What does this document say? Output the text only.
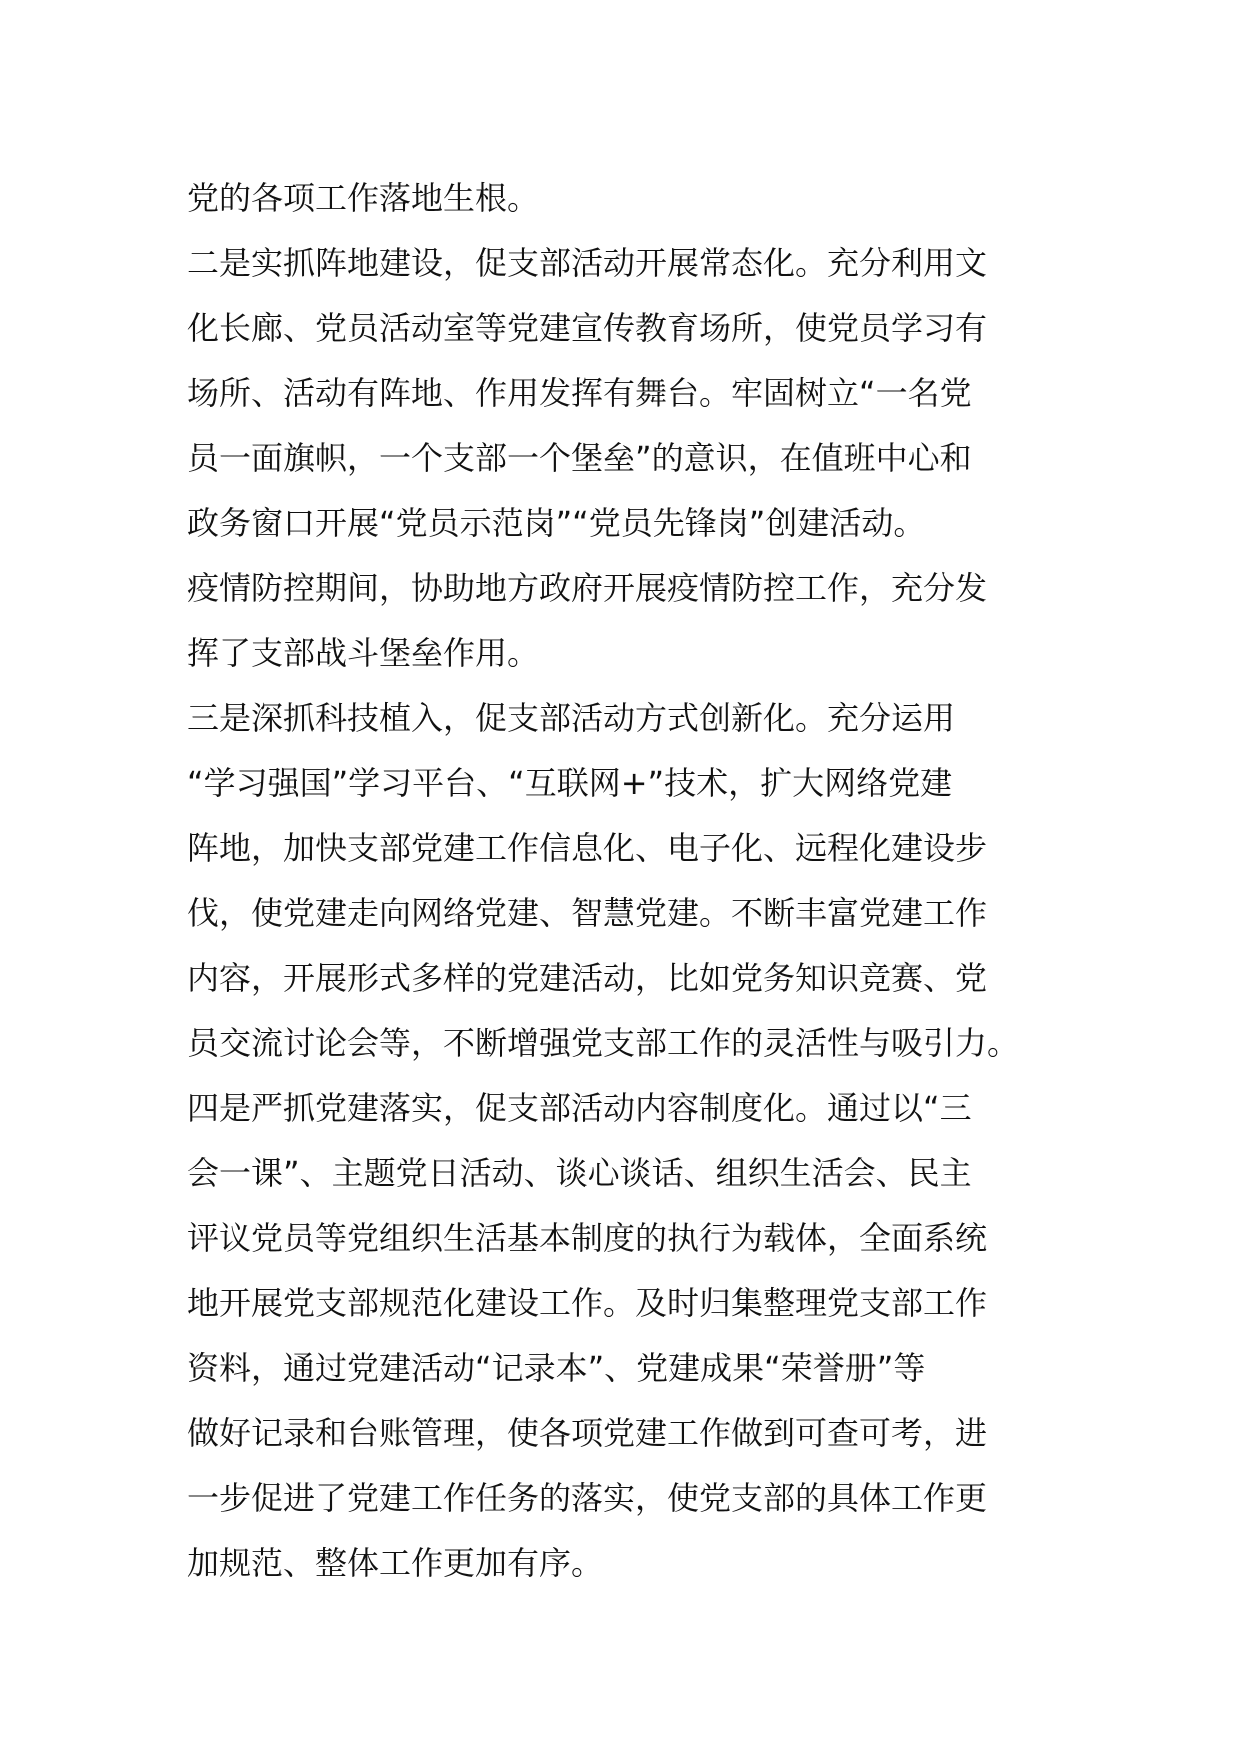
党的各项工作落地生根。
二是实抓阵地建设，促支部活动开展常态化。充分利用文
化长廊、党员活动室等党建宣传教育场所，使党员学习有
场所、活动有阵地、作用发挥有舞台。牢固树立“一名党
员一面旗帜，一个支部一个堡垒”的意识，在值班中心和
政务窗口开展“党员示范岗”“党员先锋岗”创建活动。
疫情防控期间，协助地方政府开展疫情防控工作，充分发
挥了支部战斗堡垒作用。
三是深抓科技植入，促支部活动方式创新化。充分运用
“学习强国”学习平台、“互联网+”技术，扩大网络党建
阵地，加快支部党建工作信息化、电子化、远程化建设步
伐，使党建走向网络党建、智慧党建。不断丰富党建工作
内容，开展形式多样的党建活动，比如党务知识竞赛、党
员交流讨论会等，不断增强党支部工作的灵活性与吸引力。
四是严抓党建落实，促支部活动内容制度化。通过以“三
会一课”、主题党日活动、谈心谈话、组织生活会、民主
评议党员等党组织生活基本制度的执行为载体，全面系统
地开展党支部规范化建设工作。及时归集整理党支部工作
资料，通过党建活动“记录本”、党建成果“荣誉册”等
做好记录和台账管理，使各项党建工作做到可查可考，进
一步促进了党建工作任务的落实，使党支部的具体工作更
加规范、整体工作更加有序。
